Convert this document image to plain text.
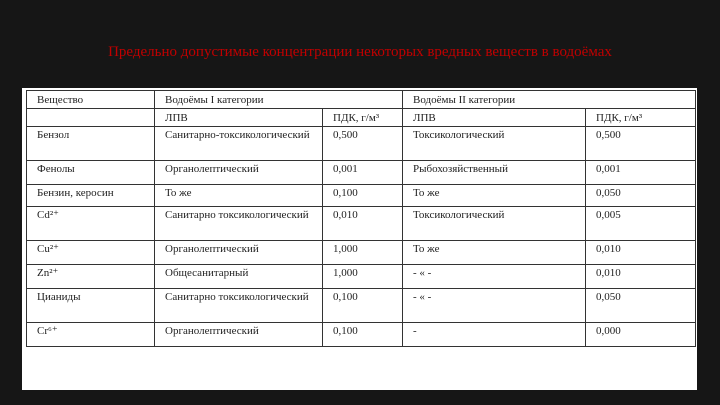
Предельно допустимые концентрации некоторых вредных веществ в водоёмах
Вещество	Водоёмы I категории		Водоёмы II категории	
	ЛПВ	ПДК, г/м³	ЛПВ	ПДК, г/м³
Бензол	Санитарно-токсикологический	0,500	Токсикологический	0,500
Фенолы	Органолептический	0,001	Рыбохозяйственный	0,001
Бензин, керосин	То же	0,100	То же	0,050
Cd²⁺	Санитарно токсикологический	0,010	Токсикологический	0,005
Cu²⁺	Органолептический	1,000	То же	0,010
Zn²⁺	Общесанитарный	1,000	- « -	0,010
Цианиды	Санитарно токсикологический	0,100	- « -	0,050
Cr⁶⁺	Органолептический	0,100	-	0,000
